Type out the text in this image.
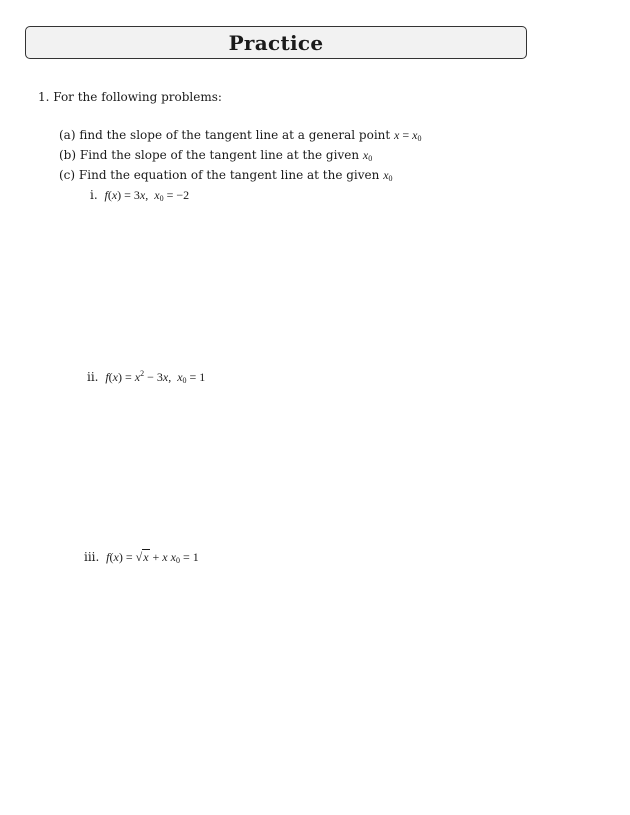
Practice
1. For the following problems:
(a) find the slope of the tangent line at a general point $x = x_0$
(b) Find the slope of the tangent line at the given $x_0$
(c) Find the equation of the tangent line at the given $x_0$
i. f(x) = 3x,  $x_0 = -2$
ii. $f(x) = x^2 - 3x$,  $x_0 = 1$
iii. f(x) = √x + x $x_0 = 1$
